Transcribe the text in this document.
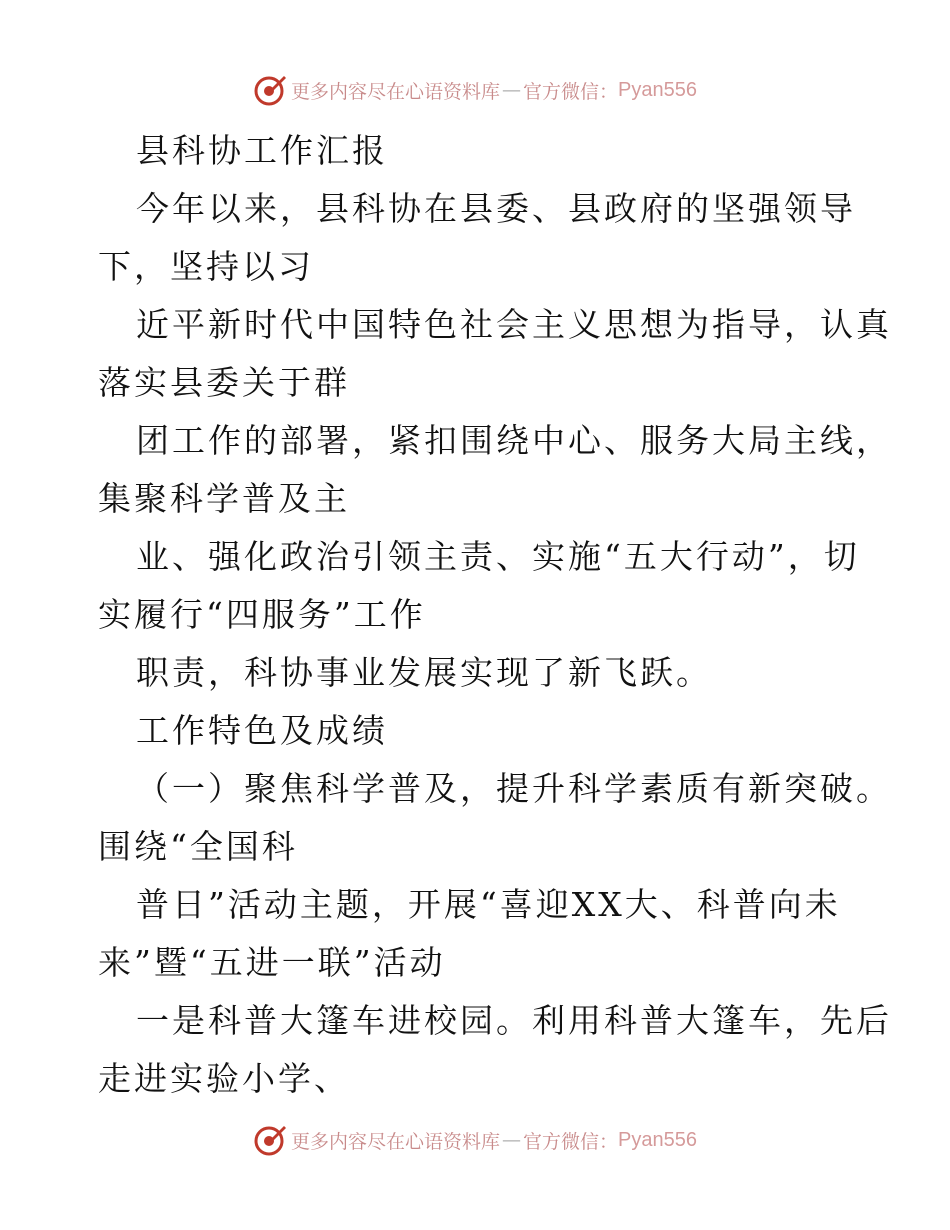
更多内容尽在心语资料库 — 官方微信： Pyan556
县科协工作汇报
今年以来，县科协在县委、县政府的坚强领导
下，坚持以习
近平新时代中国特色社会主义思想为指导，认真
落实县委关于群
团工作的部署，紧扣围绕中心、服务大局主线，
集聚科学普及主
业、强化政治引领主责、实施“五大行动”，切
实履行“四服务”工作
职责，科协事业发展实现了新飞跃。
工作特色及成绩
（一）聚焦科学普及，提升科学素质有新突破。
围绕“全国科
普日”活动主题，开展“喜迎XX大、科普向未
来”暨“五进一联”活动
一是科普大篷车进校园。利用科普大篷车，先后
走进实验小学、
更多内容尽在心语资料库 — 官方微信： Pyan556
